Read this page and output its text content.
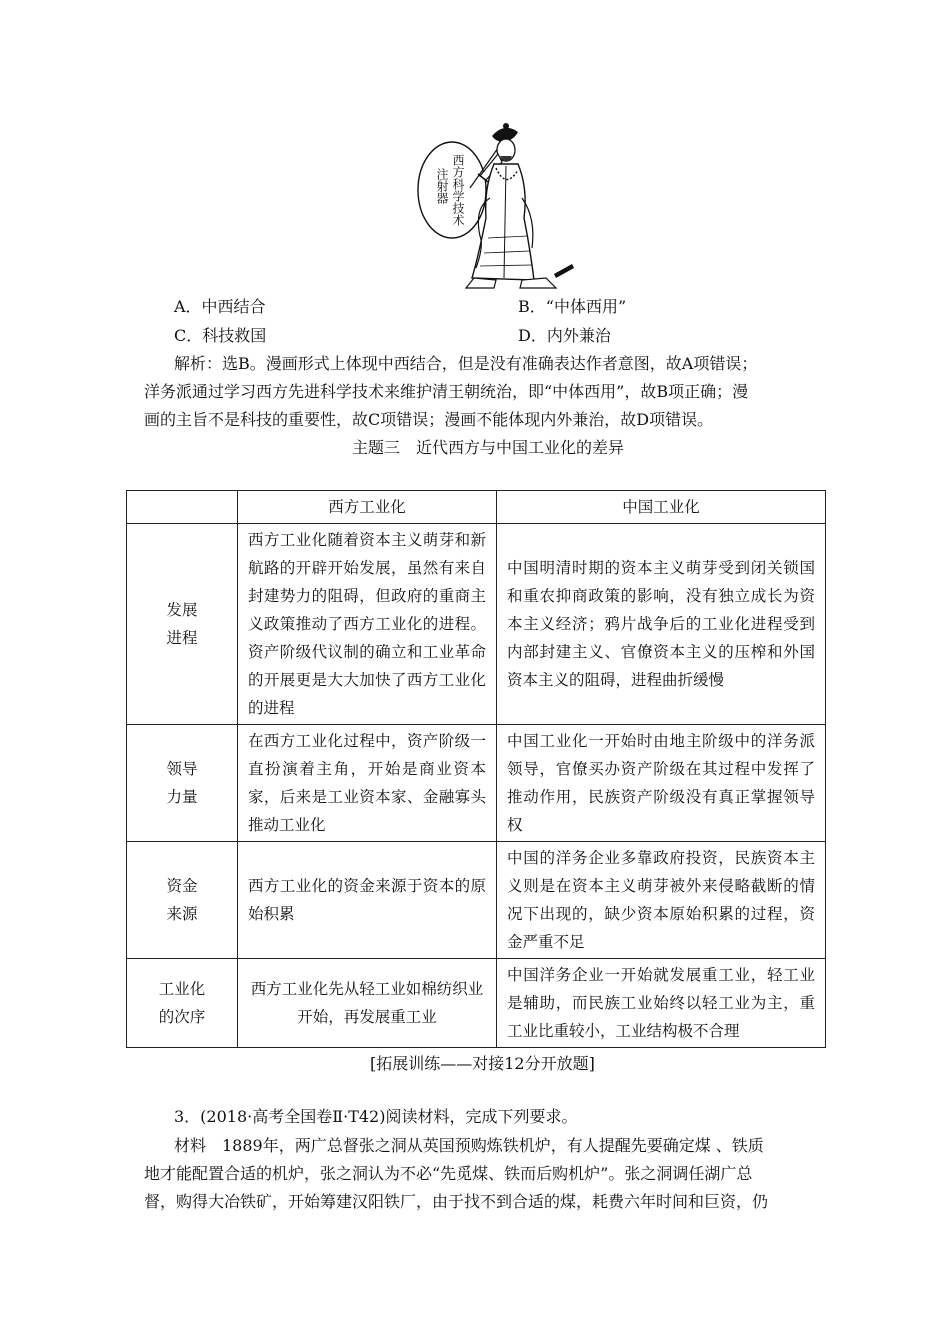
西方科学技术
注射器
A．中西结合	B．“中体西用”
C．科技救国	D．内外兼治
解析：选B。漫画形式上体现中西结合，但是没有准确表达作者意图，故A项错误；
洋务派通过学习西方先进科学技术来维护清王朝统治，即“中体西用”，故B项正确；漫
画的主旨不是科技的重要性，故C项错误；漫画不能体现内外兼治，故D项错误。
主题三　近代西方与中国工业化的差异
	西方工业化	中国工业化

发展
进程	西方工业化随着资本主义萌芽和新航路的开辟开始发展，虽然有来自封建势力的阻碍，但政府的重商主义政策推动了西方工业化的进程。资产阶级代议制的确立和工业革命的开展更是大大加快了西方工业化的进程	中国明清时期的资本主义萌芽受到闭关锁国和重农抑商政策的影响，没有独立成长为资本主义经济；鸦片战争后的工业化进程受到内部封建主义、官僚资本主义的压榨和外国资本主义的阻碍，进程曲折缓慢

领导
力量	在西方工业化过程中，资产阶级一直扮演着主角，开始是商业资本家，后来是工业资本家、金融寡头推动工业化	中国工业化一开始时由地主阶级中的洋务派领导，官僚买办资产阶级在其过程中发挥了推动作用，民族资产阶级没有真正掌握领导权

资金
来源	西方工业化的资金来源于资本的原始积累	中国的洋务企业多靠政府投资，民族资本主义则是在资本主义萌芽被外来侵略截断的情况下出现的，缺少资本原始积累的过程，资金严重不足

工业化
的次序	西方工业化先从轻工业如棉纺织业开始，再发展重工业	中国洋务企业一开始就发展重工业，轻工业是辅助，而民族工业始终以轻工业为主，重工业比重较小，工业结构极不合理
[拓展训练——对接12分开放题]
3．(2018·高考全国卷Ⅱ·T42)阅读材料，完成下列要求。
材料　1889年，两广总督张之洞从英国预购炼铁机炉，有人提醒先要确定煤 、铁质
地才能配置合适的机炉，张之洞认为不必“先觅煤、铁而后购机炉”。张之洞调任湖广总
督，购得大冶铁矿，开始筹建汉阳铁厂，由于找不到合适的煤，耗费六年时间和巨资，仍
